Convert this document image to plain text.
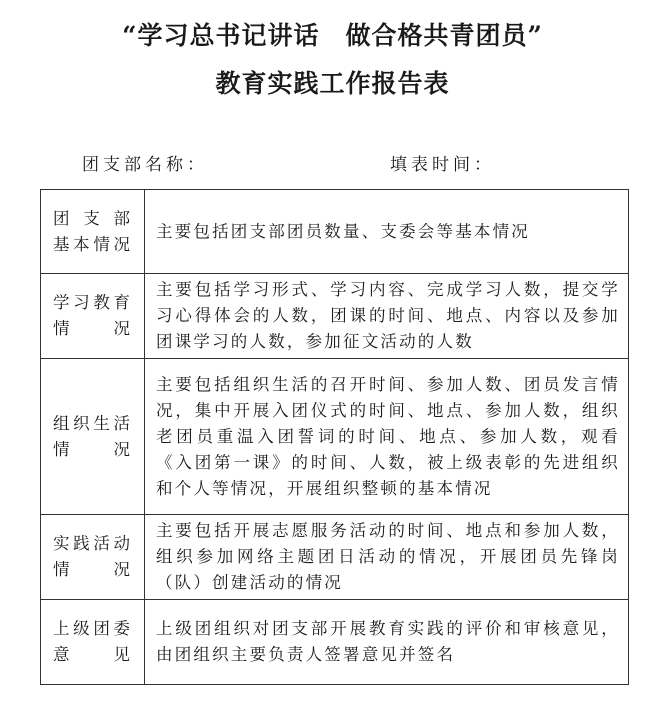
“学习总书记讲话 做合格共青团员”
教育实践工作报告表
团支部名称：	填表时间：
团 支 部
基本情况	主要包括团支部团员数量、支委会等基本情况

学习教育
情　　况	主要包括学习形式、学习内容、完成学习人数，提交学习心得体会的人数，团课的时间、地点、内容以及参加团课学习的人数，参加征文活动的人数

组织生活
情　　况	主要包括组织生活的召开时间、参加人数、团员发言情况，集中开展入团仪式的时间、地点、参加人数，组织老团员重温入团誓词的时间、地点、参加人数，观看《入团第一课》的时间、人数，被上级表彰的先进组织和个人等情况，开展组织整顿的基本情况

实践活动
情　　况	主要包括开展志愿服务活动的时间、地点和参加人数，组织参加网络主题团日活动的情况，开展团员先锋岗（队）创建活动的情况

上级团委
意　　见	上级团组织对团支部开展教育实践的评价和审核意见，由团组织主要负责人签署意见并签名
